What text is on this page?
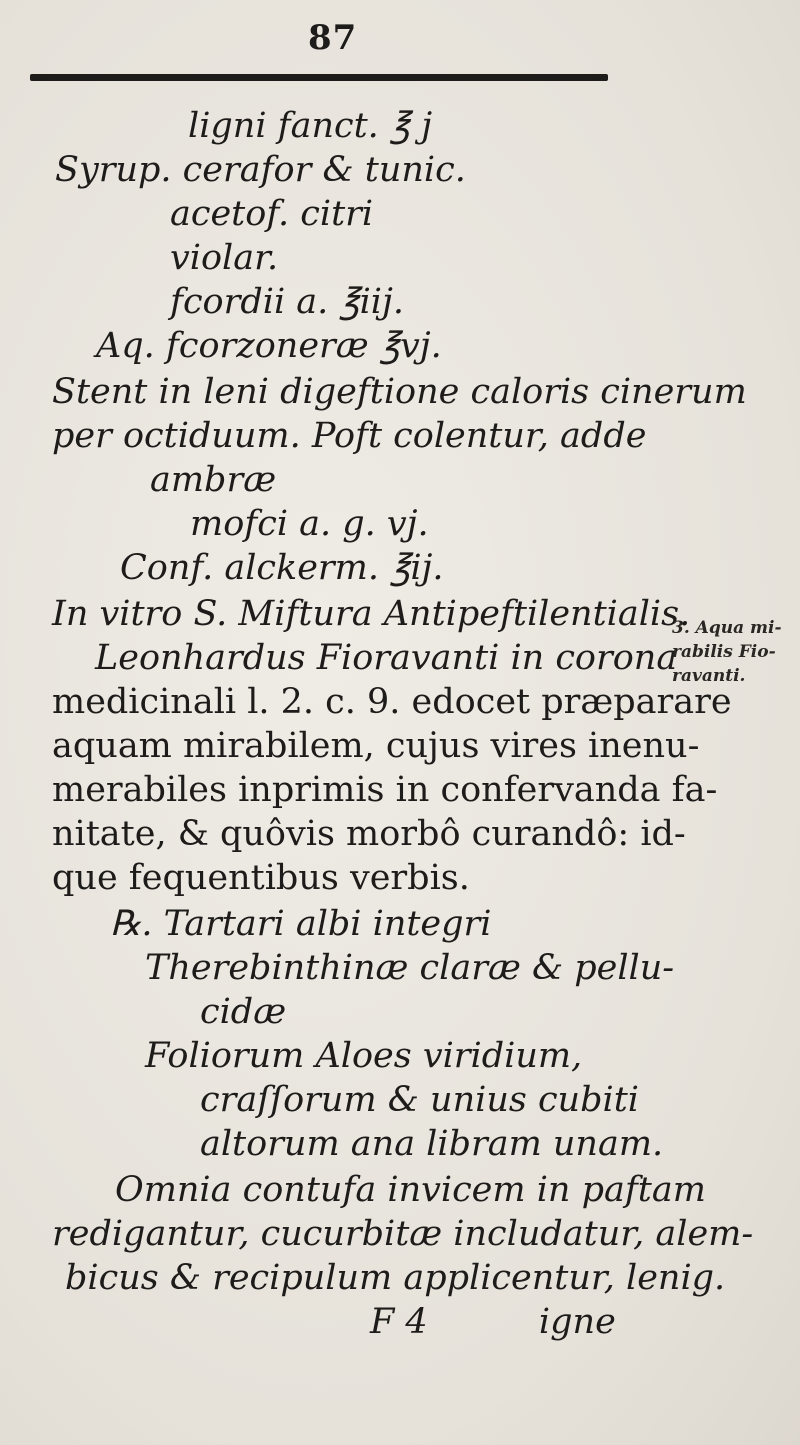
87
ligni fanct. ℥ j
Syrup. cerafor & tunic.
acetof. citri
violar.
fcordii a. ℥iij.
Aq. fcorzoneræ ℥vj.
Stent in leni digeftione caloris cinerum
per octiduum. Poft colentur, adde
ambræ
mofci a. g. vj.
Conf. alckerm. ℥ij.
In vitro S. Miftura Antipeftilentialis.
Leonhardus Fioravanti in corona
medicinali l. 2. c. 9. edocet præparare
aquam mirabilem, cujus vires inenu-
merabiles inprimis in confervanda fa-
nitate, & quôvis morbô curandô: id-
que fequentibus verbis.
℞. Tartari albi integri
Therebinthinæ claræ & pellu-
cidæ
Foliorum Aloes viridium,
craſſorum & unius cubiti
altorum ana libram unam.
Omnia contufa invicem in paftam
redigantur, cucurbitæ includatur, alem-
bicus & recipulum applicentur, lenig.
F 4          igne
3. Aqua mi-
rabilis Fio-
ravanti.
